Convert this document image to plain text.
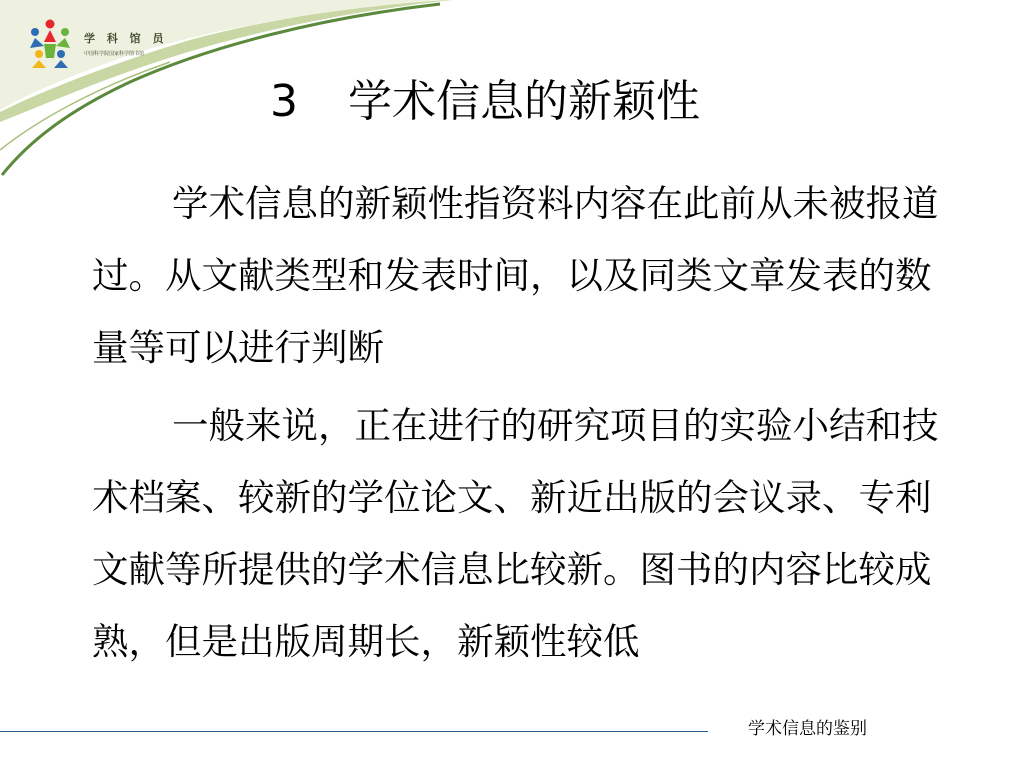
学 科 馆 员
中国科学院国家科学图书馆
3 学术信息的新颖性

学术信息的新颖性指资料内容在此前从未被报道过。从文献类型和发表时间，以及同类文章发表的数量等可以进行判断

一般来说，正在进行的研究项目的实验小结和技术档案、较新的学位论文、新近出版的会议录、专利文献等所提供的学术信息比较新。图书的内容比较成熟，但是出版周期长，新颖性较低

学术信息的鉴别
